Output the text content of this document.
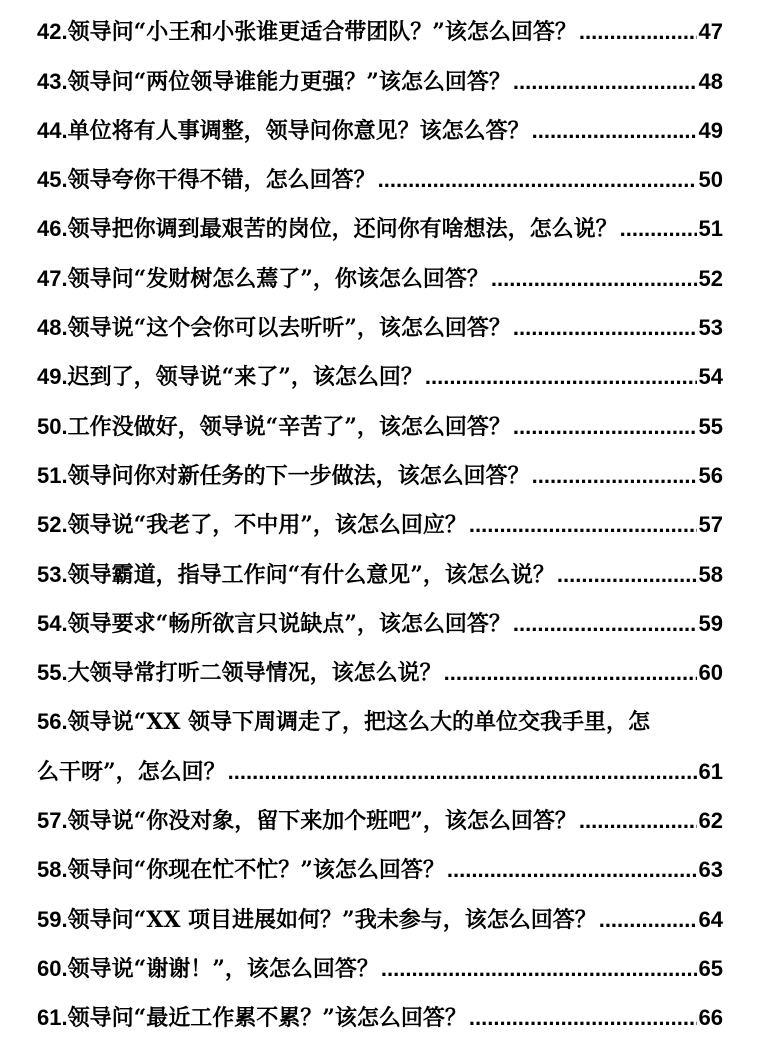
42. 领导问“小王和小张谁更适合带团队？”该怎么回答？ .....	47
43. 领导问“两位领导谁能力更强？”该怎么回答？ .....	48
44. 单位将有人事调整，领导问你意见？该怎么答？ .....	49
45. 领导夸你干得不错，怎么回答？ .....	50
46. 领导把你调到最艰苦的岗位，还问你有啥想法，怎么说？ .....	51
47. 领导问“发财树怎么蔫了”，你该怎么回答？ .....	52
48. 领导说“这个会你可以去听听”，该怎么回答？ .....	53
49. 迟到了，领导说“来了”，该怎么回？ .....	54
50. 工作没做好，领导说“辛苦了”，该怎么回答？ .....	55
51. 领导问你对新任务的下一步做法，该怎么回答？ .....	56
52. 领导说“我老了，不中用”，该怎么回应？ .....	57
53. 领导霸道，指导工作问“有什么意见”，该怎么说？ .....	58
54. 领导要求“畅所欲言只说缺点”，该怎么回答？ .....	59
55. 大领导常打听二领导情况，该怎么说？ .....	60
56. 领导说“XX 领导下周调走了，把这么大的单位交我手里，怎
么干呀”，怎么回？ .....	61
57. 领导说“你没对象，留下来加个班吧”，该怎么回答？ .....	62
58. 领导问“你现在忙不忙？”该怎么回答？ .....	63
59. 领导问“XX 项目进展如何？”我未参与，该怎么回答？ .....	64
60. 领导说“谢谢！”，该怎么回答？ .....	65
61. 领导问“最近工作累不累？”该怎么回答？ .....	66
